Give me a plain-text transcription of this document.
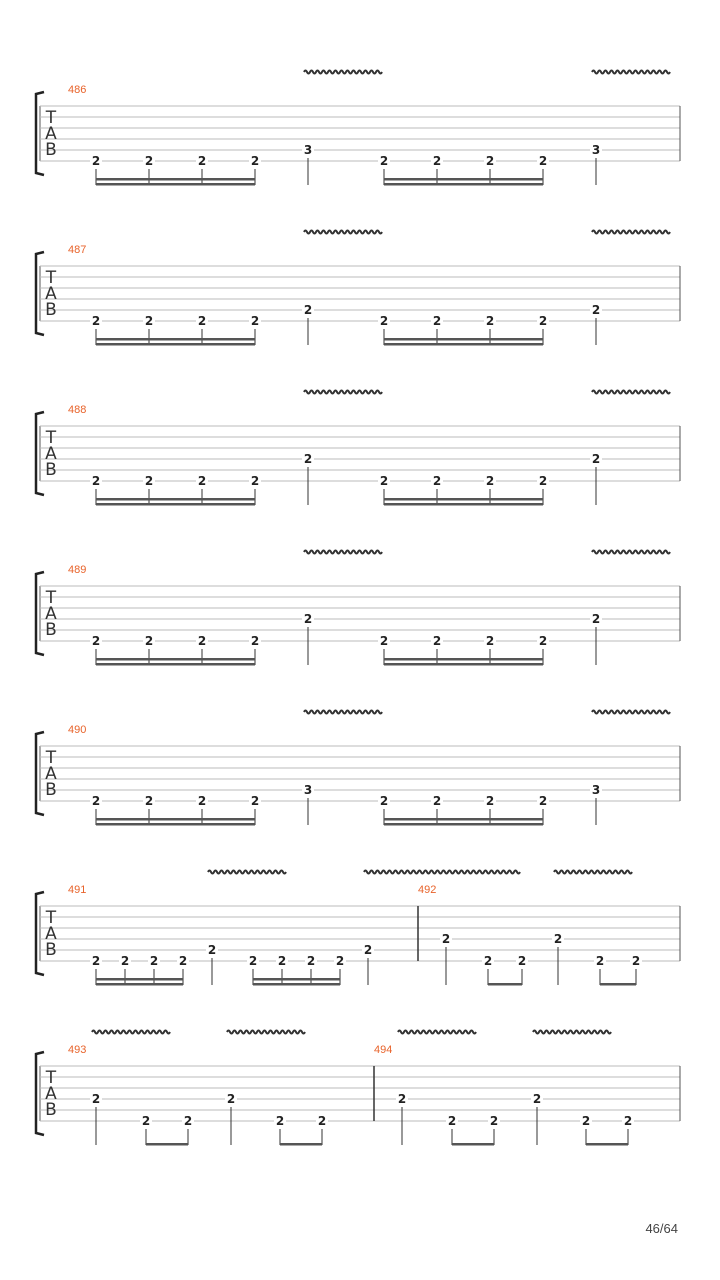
T
A
B
486
2	2	2	2
3
2	2	2	2
3
T
A
B
487
2	2	2	2
2
2	2	2	2
2
T
A
B
488
2	2	2	2
2
2	2	2	2
2
T
A
B
489
2	2	2	2
2
2	2	2	2
2
T
A
B
490
2	2	2	2
3
2	2	2	2
3
T
A
B
491
2 2 2 2
2
2 2 2 2
2
492
2
2 2
2
2 2
T
A
B
493
2
2	2
2
2	2
494
2
2	2
2
2	2
46/64
